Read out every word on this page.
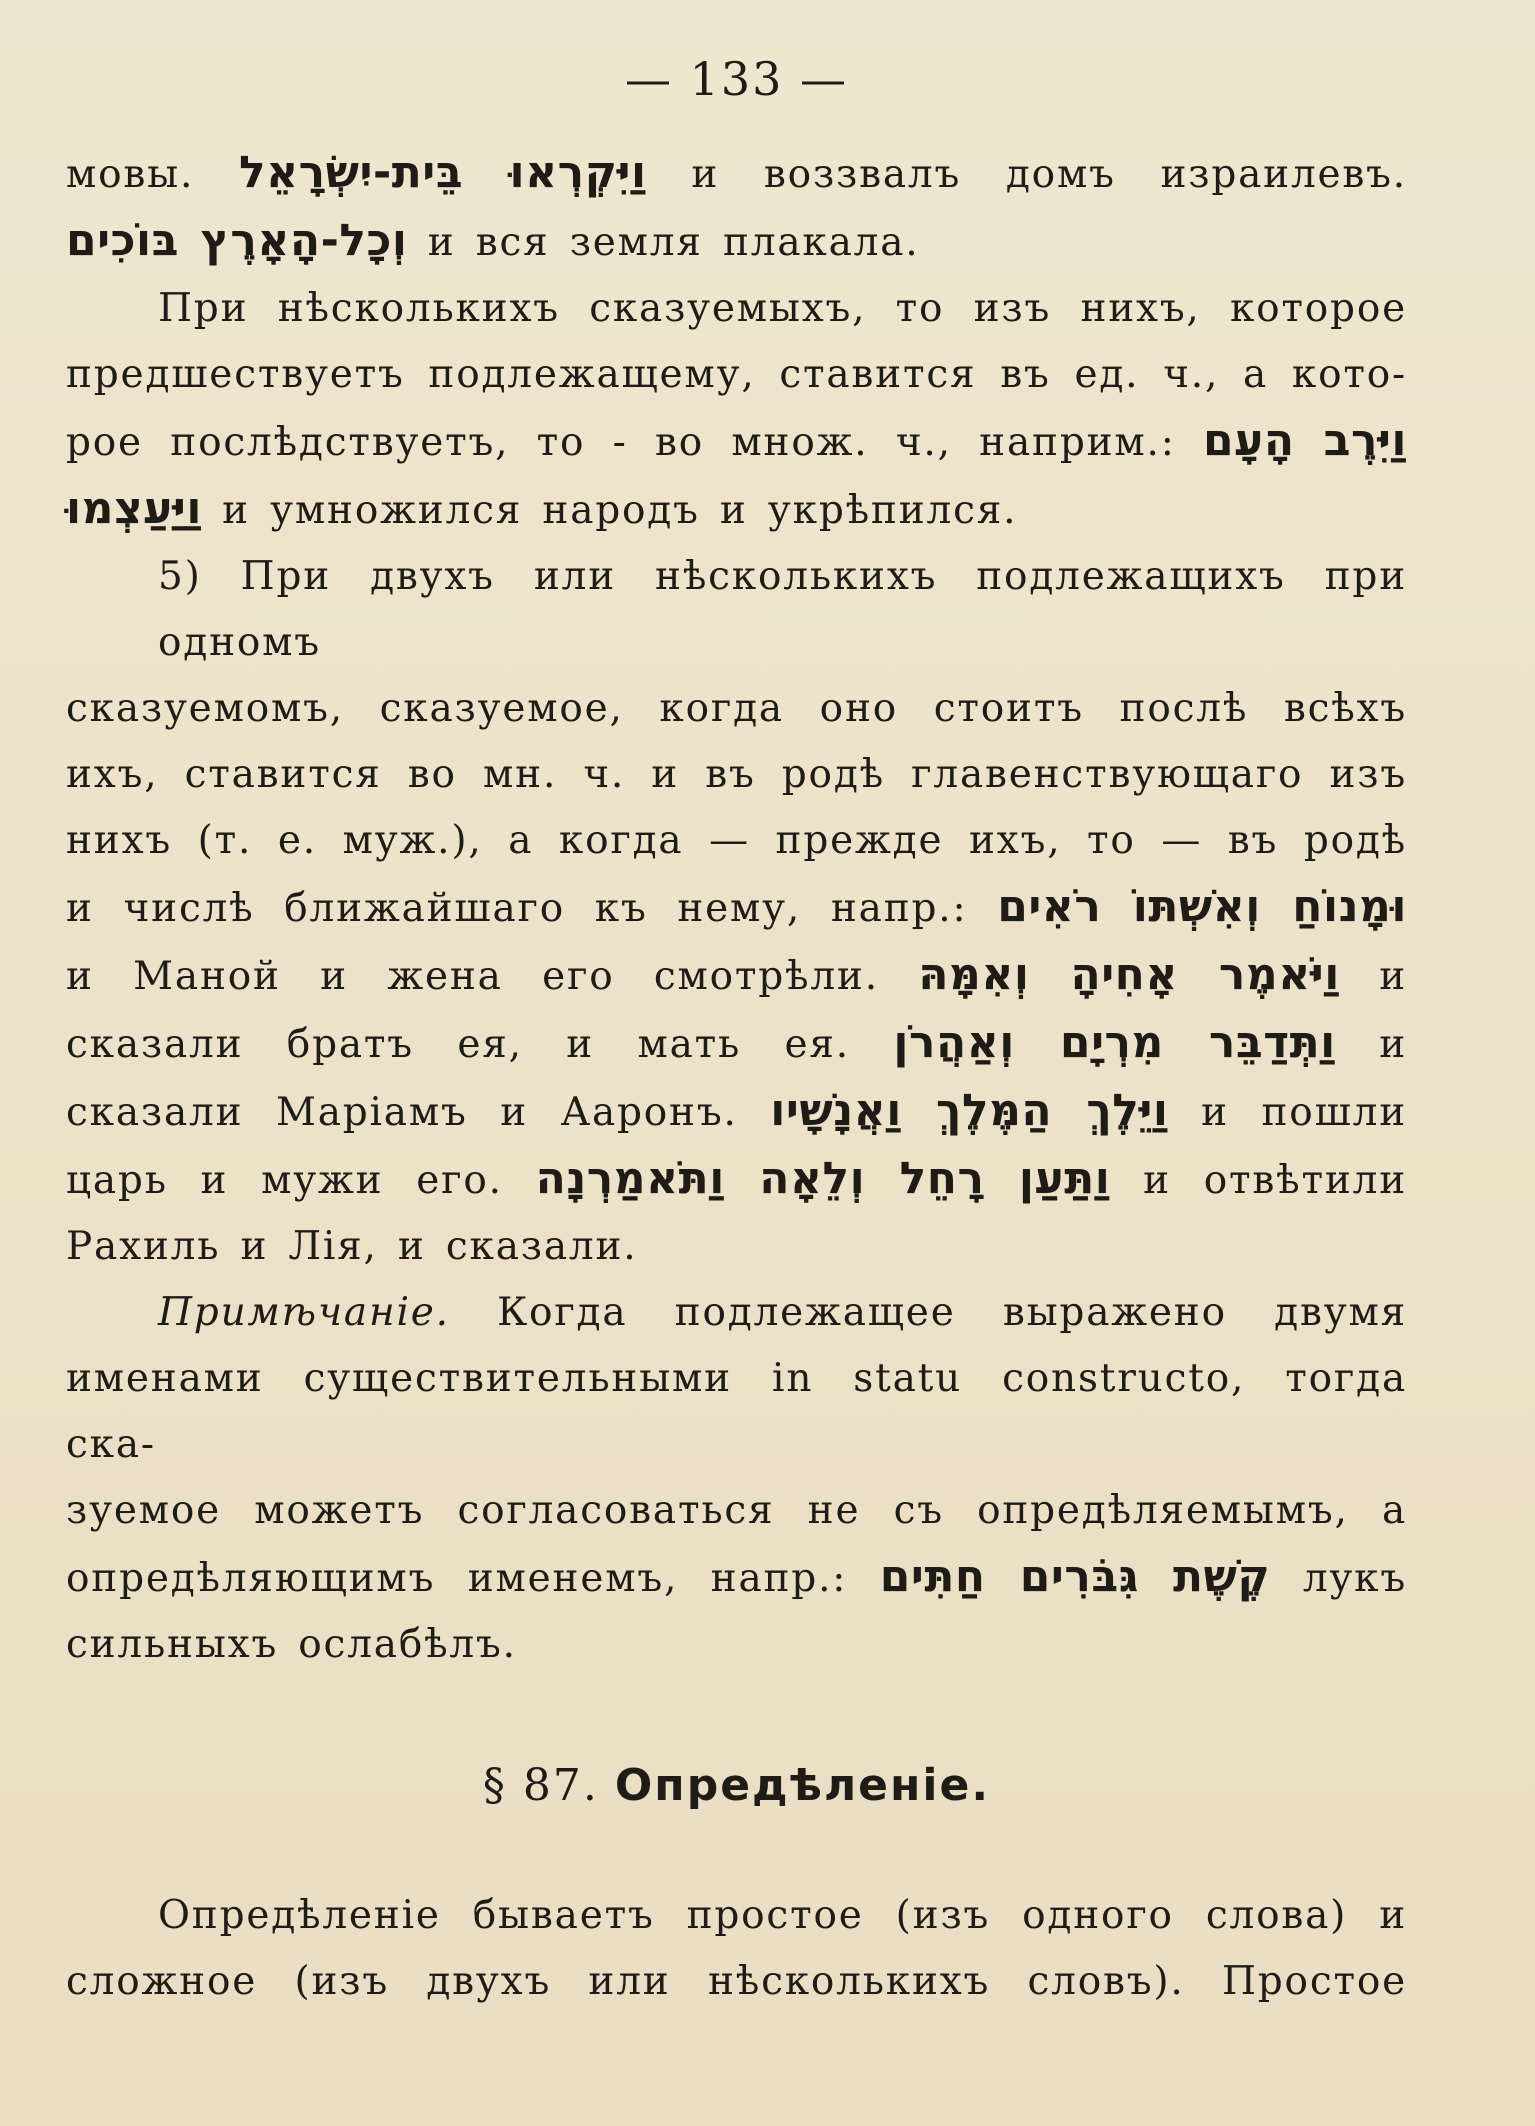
— 133 —
мовы. וַיִּקְרְאוּ בֵּית-יִשְׂרָאֵל и воззвалъ домъ израилевъ.
וְכָל-הָאָרֶץ בּוֹכִים и вся земля плакала.
При нѣсколькихъ сказуемыхъ, то изъ нихъ, которое
предшествуетъ подлежащему, ставится въ ед. ч., а кото-
рое послѣдствуетъ, то - во множ. ч., наприм.: וַיִּרֶב הָעָם
וַיַּעַצְמוּ и умножился народъ и укрѣпился.
5) При двухъ или нѣсколькихъ подлежащихъ при одномъ
сказуемомъ, сказуемое, когда оно стоитъ послѣ всѣхъ
ихъ, ставится во мн. ч. и въ родѣ главенствующаго изъ
нихъ (т. е. муж.), а когда — прежде ихъ, то — въ родѣ
и числѣ ближайшаго къ нему, напр.: וּמָנוֹחַ וְאִשְׁתּוֹ רֹאִים
и Маной и жена его смотрѣли. וַיֹּאמֶר אָחִיהָ וְאִמָּהּ и
сказали братъ ея, и мать ея. וַתְּדַבֵּר מִרְיָם וְאַהֲרֹן и
сказали Маріамъ и Ааронъ. וַיֵּלֶךְ הַמֶּלֶךְ וַאֲנָשָׁיו и пошли
царь и мужи его. וַתַּעַן רָחֵל וְלֵאָה וַתֹּאמַרְנָה и отвѣтили
Рахиль и Лія, и сказали.
Примѣчаніе. Когда подлежащее выражено двумя
именами существительными in statu constructo, тогда ска-
зуемое можетъ согласоваться не съ опредѣляемымъ, а
опредѣляющимъ именемъ, напр.: קֶשֶׁת גִּבֹּרִים חַתִּים лукъ
сильныхъ ослабѣлъ.
§ 87. Опредѣленіе.
Опредѣленіе бываетъ простое (изъ одного слова) и
сложное (изъ двухъ или нѣсколькихъ словъ). Простое
